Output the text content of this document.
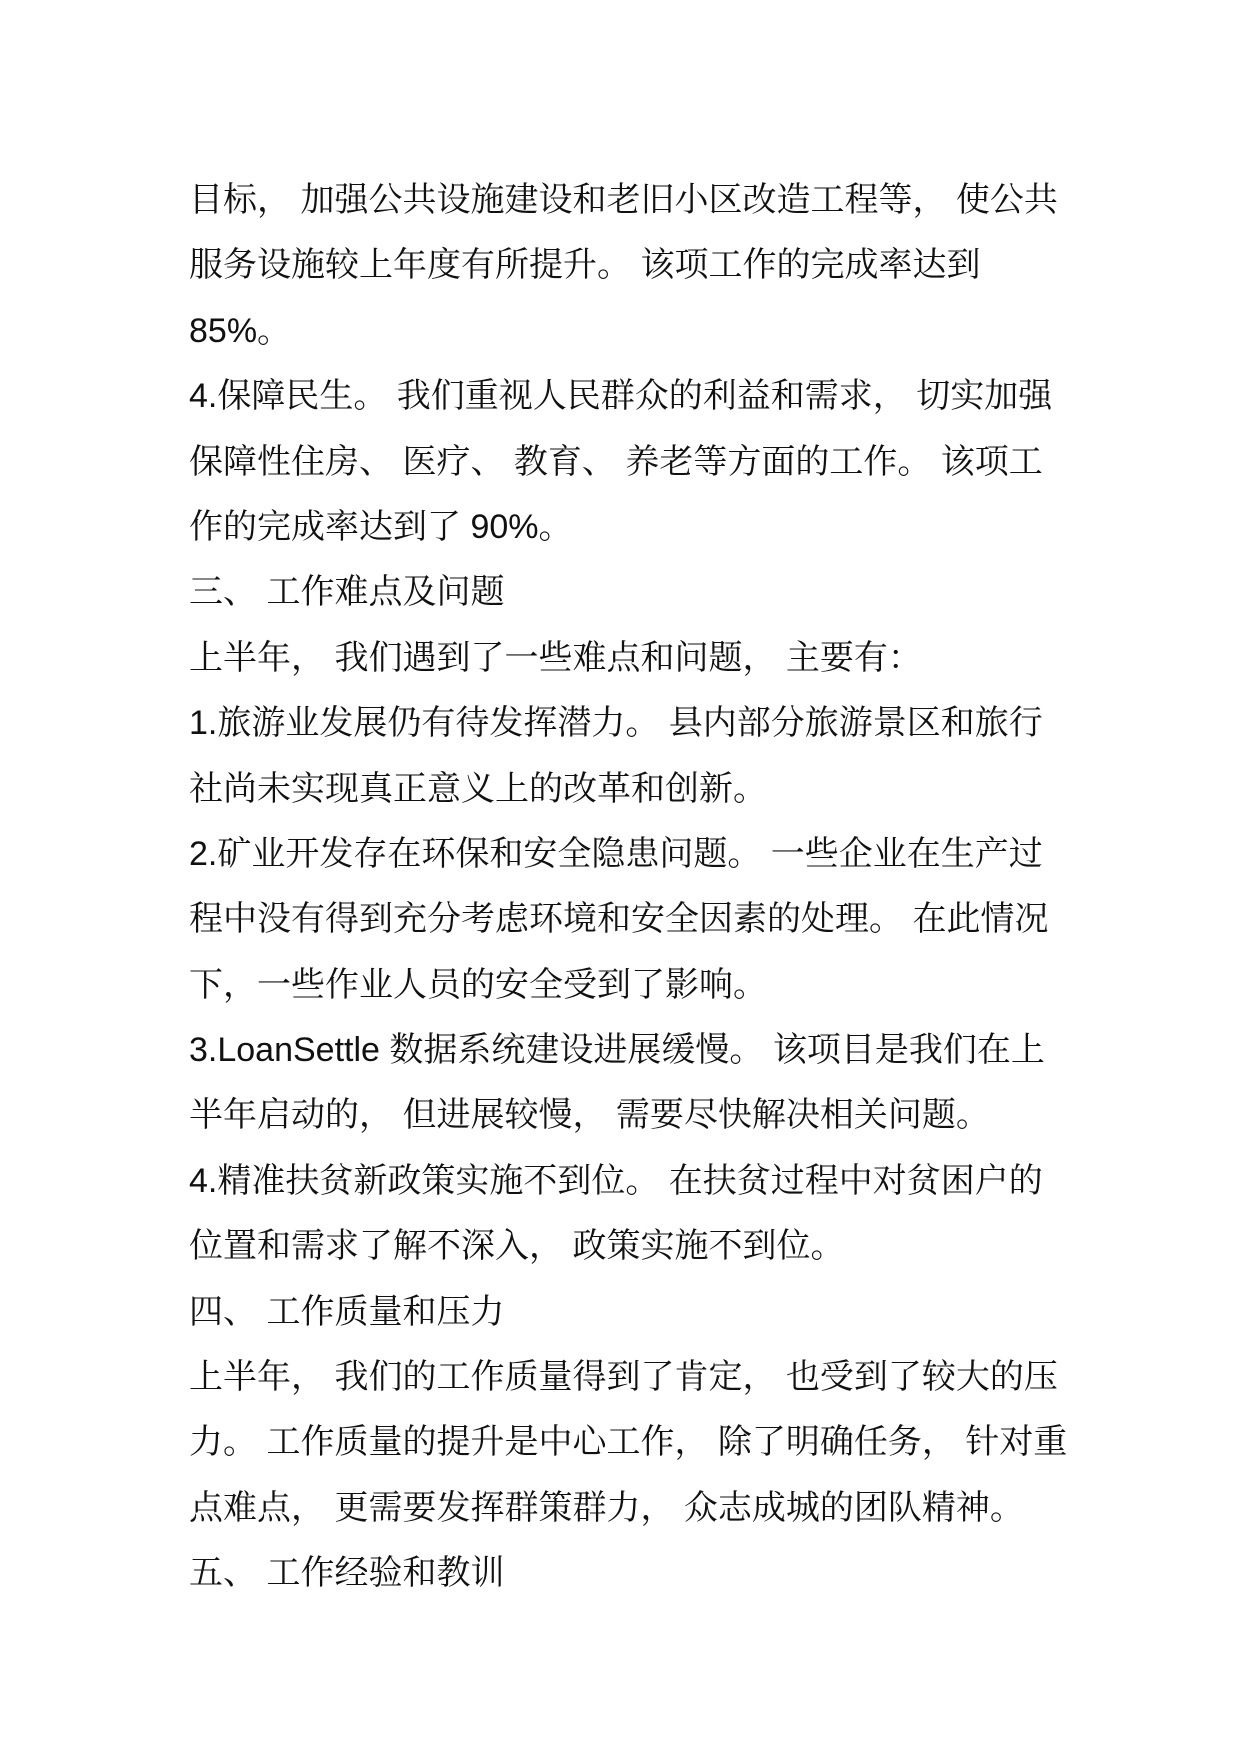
目标， 加强公共设施建设和老旧小区改造工程等， 使公共
服务设施较上年度有所提升。 该项工作的完成率达到
85%。
4.保障民生。 我们重视人民群众的利益和需求， 切实加强
保障性住房、 医疗、 教育、 养老等方面的工作。 该项工
作的完成率达到了 90%。
三、 工作难点及问题
上半年， 我们遇到了一些难点和问题， 主要有：
1.旅游业发展仍有待发挥潜力。 县内部分旅游景区和旅行
社尚未实现真正意义上的改革和创新。
2.矿业开发存在环保和安全隐患问题。 一些企业在生产过
程中没有得到充分考虑环境和安全因素的处理。 在此情况
下，一些作业人员的安全受到了影响。
3.LoanSettle 数据系统建设进展缓慢。 该项目是我们在上
半年启动的， 但进展较慢， 需要尽快解决相关问题。
4.精准扶贫新政策实施不到位。 在扶贫过程中对贫困户的
位置和需求了解不深入， 政策实施不到位。
四、 工作质量和压力
上半年， 我们的工作质量得到了肯定， 也受到了较大的压
力。 工作质量的提升是中心工作， 除了明确任务， 针对重
点难点， 更需要发挥群策群力， 众志成城的团队精神。
五、 工作经验和教训
